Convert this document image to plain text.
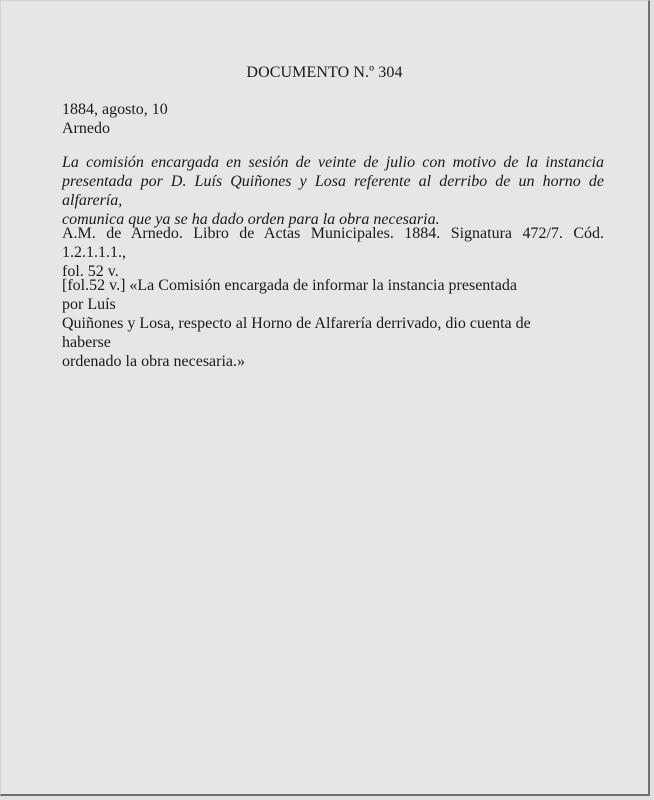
DOCUMENTO N.º 304
1884, agosto, 10
Arnedo
La comisión encargada en sesión de veinte de julio con motivo de la instancia
presentada por D. Luís Quiñones y Losa referente al derribo de un horno de alfarería,
comunica que ya se ha dado orden para la obra necesaria.
A.M. de Arnedo. Libro de Actas Municipales. 1884. Signatura 472/7. Cód. 1.2.1.1.1.,
fol. 52 v.
[fol.52 v.] «La Comisión encargada de informar la instancia presentada por Luís
Quiñones y Losa, respecto al Horno de Alfarería derrivado, dio cuenta de haberse
ordenado la obra necesaria.»
